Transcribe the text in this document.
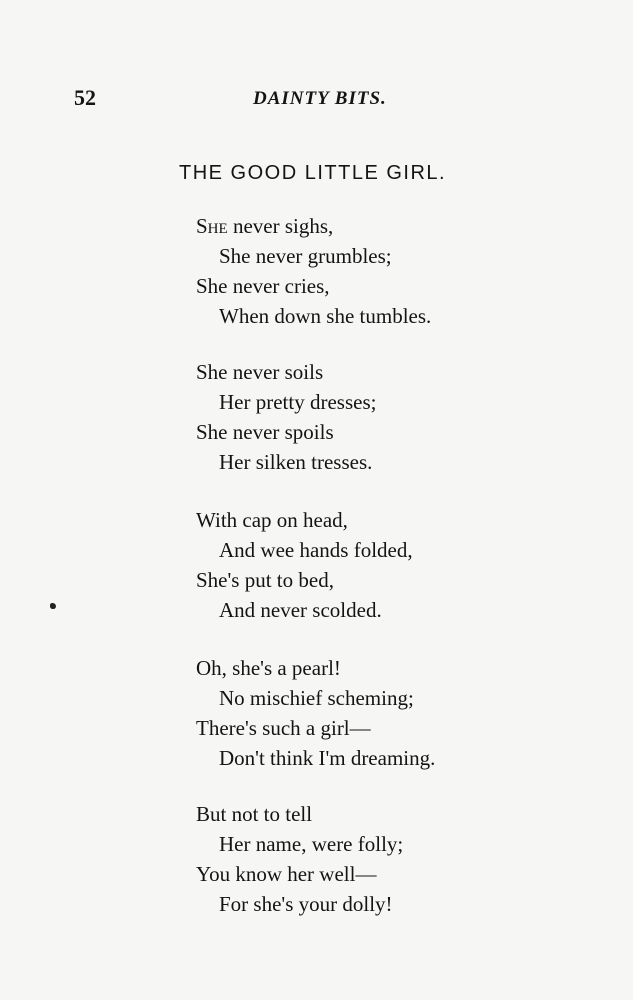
52	DAINTY BITS.
THE GOOD LITTLE GIRL.
She never sighs,
She never grumbles;
She never cries,
When down she tumbles.
She never soils
Her pretty dresses;
She never spoils
Her silken tresses.
With cap on head,
And wee hands folded,
She's put to bed,
And never scolded.
Oh, she's a pearl!
No mischief scheming;
There's such a girl—
Don't think I'm dreaming.
But not to tell
Her name, were folly;
You know her well—
For she's your dolly!
